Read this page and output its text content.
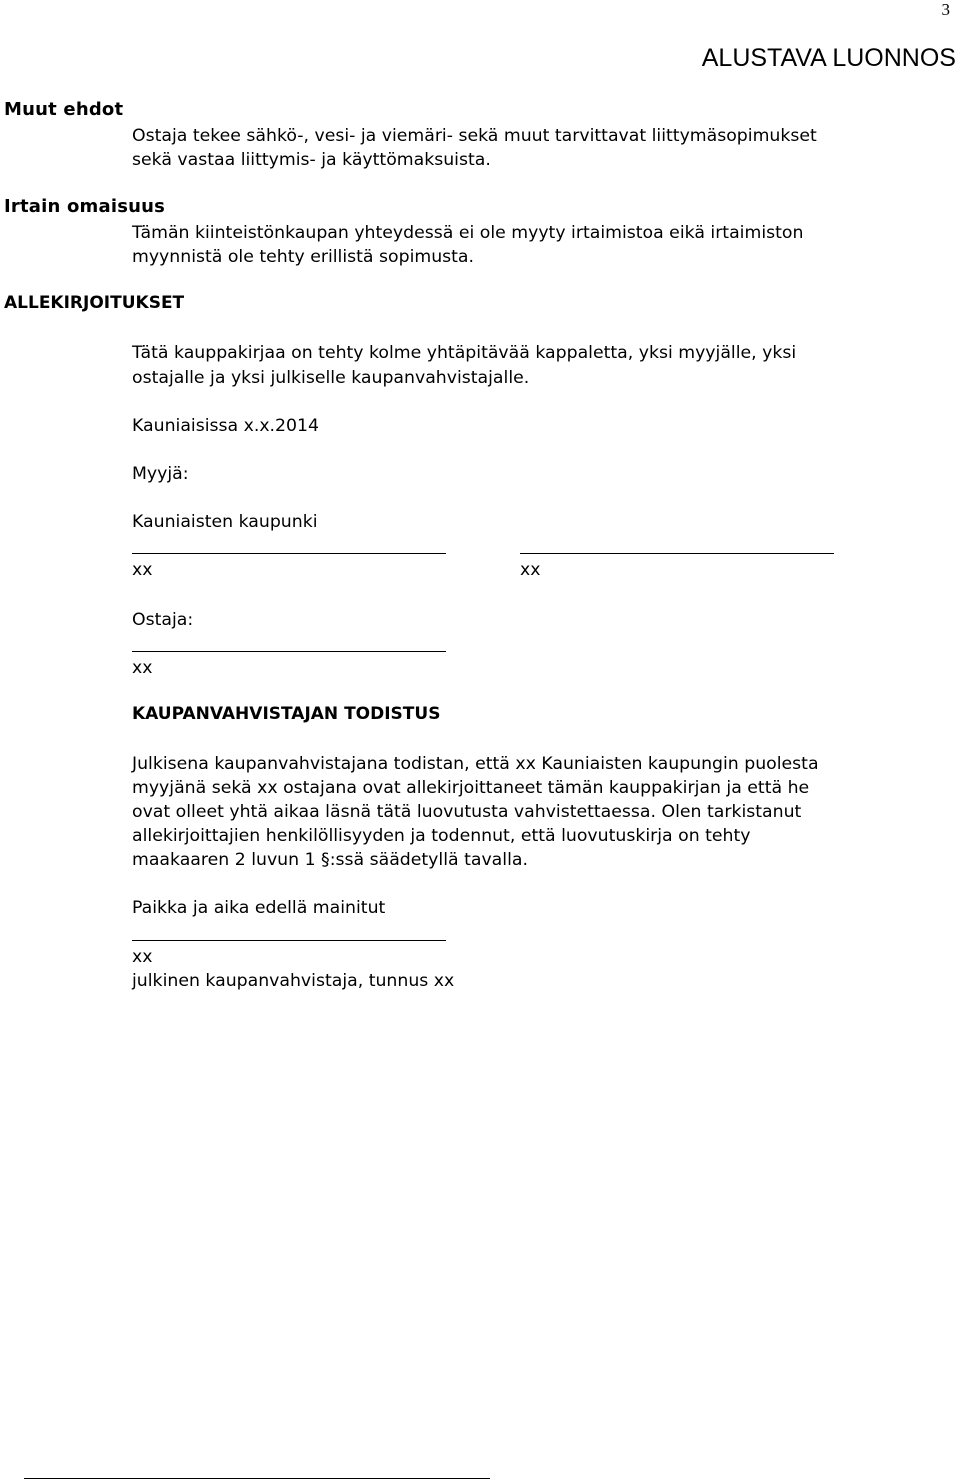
3
ALUSTAVA LUONNOS
Muut ehdot
Ostaja tekee sähkö-, vesi- ja viemäri- sekä muut tarvittavat liittymäsopimukset
sekä vastaa liittymis- ja käyttömaksuista.
Irtain omaisuus
Tämän kiinteistönkaupan yhteydessä ei ole myyty irtaimistoa eikä irtaimiston
myynnistä ole tehty erillistä sopimusta.
ALLEKIRJOITUKSET
Tätä kauppakirjaa on tehty kolme yhtäpitävää kappaletta, yksi myyjälle, yksi
ostajalle ja yksi julkiselle kaupanvahvistajalle.
Kauniaisissa x.x.2014
Myyjä:
Kauniaisten kaupunki
xx	xx
Ostaja:
xx
KAUPANVAHVISTAJAN TODISTUS
Julkisena kaupanvahvistajana todistan, että xx Kauniaisten kaupungin puolesta
myyjänä sekä xx ostajana ovat allekirjoittaneet tämän kauppakirjan ja että he
ovat olleet yhtä aikaa läsnä tätä luovutusta vahvistettaessa. Olen tarkistanut
allekirjoittajien henkilöllisyyden ja todennut, että luovutuskirja on tehty
maakaaren 2 luvun 1 §:ssä säädetyllä tavalla.
Paikka ja aika edellä mainitut
xx
julkinen kaupanvahvistaja, tunnus xx
